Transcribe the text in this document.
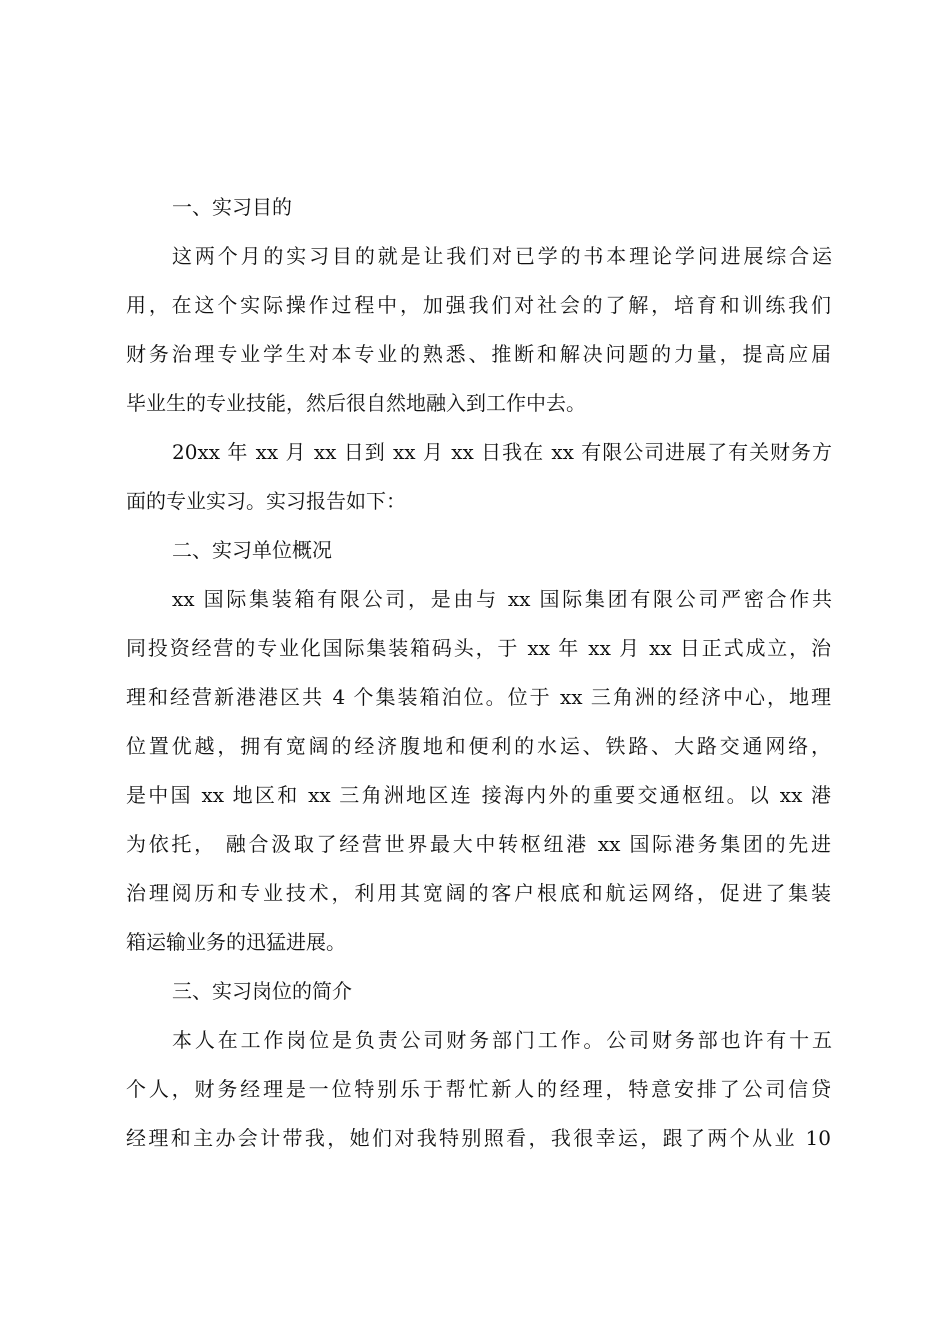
一、实习目的
这两个月的实习目的就是让我们对已学的书本理论学问进展综合运
用，在这个实际操作过程中，加强我们对社会的了解，培育和训练我们
财务治理专业学生对本专业的熟悉、推断和解决问题的力量，提高应届
毕业生的专业技能，然后很自然地融入到工作中去。
20xx 年 xx 月 xx 日到 xx 月 xx 日我在 xx 有限公司进展了有关财务方
面的专业实习。实习报告如下：
二、实习单位概况
xx 国际集装箱有限公司，是由与 xx 国际集团有限公司严密合作共
同投资经营的专业化国际集装箱码头，于 xx 年 xx 月 xx 日正式成立，治
理和经营新港港区共 4 个集装箱泊位。位于 xx 三角洲的经济中心，地理
位置优越，拥有宽阔的经济腹地和便利的水运、铁路、大路交通网络，
是中国 xx 地区和 xx 三角洲地区连 接海内外的重要交通枢纽。以 xx 港
为依托， 融合汲取了经营世界最大中转枢纽港 xx 国际港务集团的先进
治理阅历和专业技术，利用其宽阔的客户根底和航运网络，促进了集装
箱运输业务的迅猛进展。
三、实习岗位的简介
本人在工作岗位是负责公司财务部门工作。公司财务部也许有十五
个人，财务经理是一位特别乐于帮忙新人的经理，特意安排了公司信贷
经理和主办会计带我，她们对我特别照看，我很幸运，跟了两个从业 10
